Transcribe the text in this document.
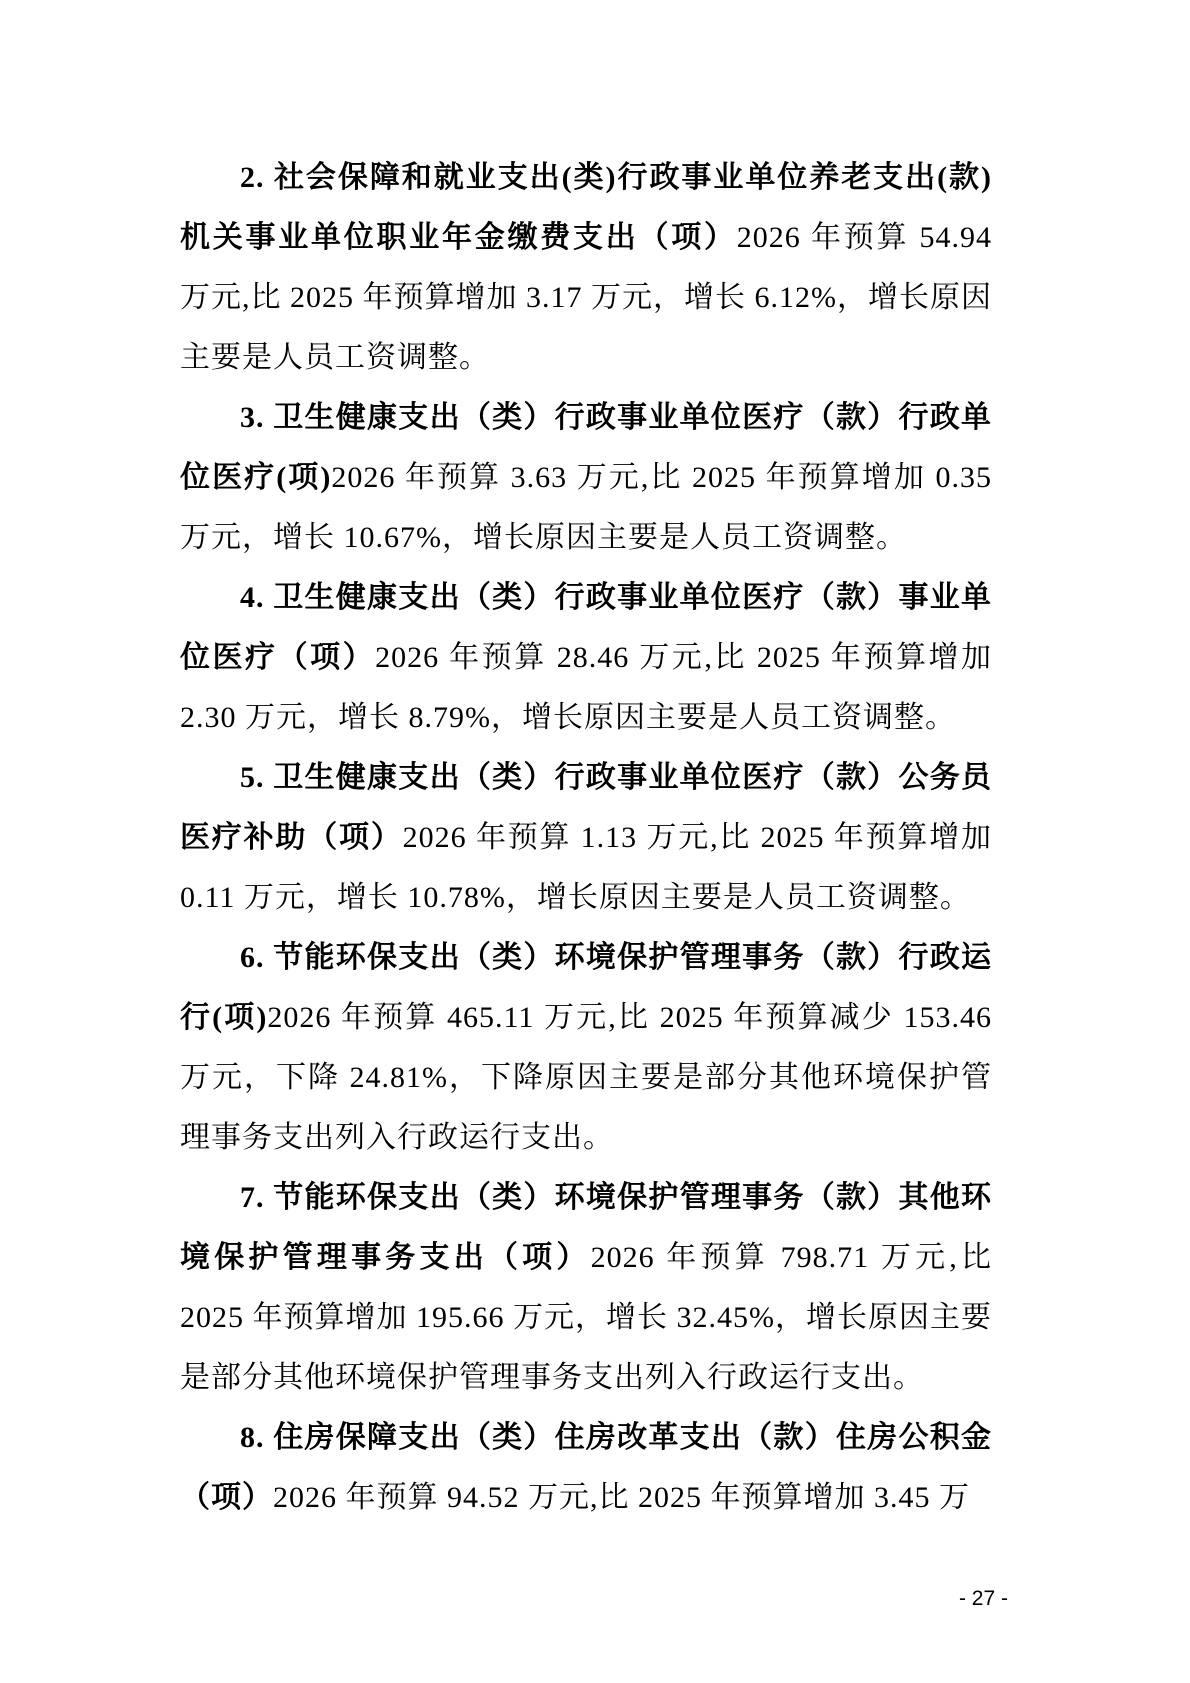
2. 社会保障和就业支出(类)行政事业单位养老支出(款)机关事业单位职业年金缴费支出（项）2026 年预算 54.94 万元,比 2025 年预算增加 3.17 万元，增长 6.12%，增长原因主要是人员工资调整。

3. 卫生健康支出（类）行政事业单位医疗（款）行政单位医疗(项)2026 年预算 3.63 万元,比 2025 年预算增加 0.35 万元，增长 10.67%，增长原因主要是人员工资调整。

4. 卫生健康支出（类）行政事业单位医疗（款）事业单位医疗（项）2026 年预算 28.46 万元,比 2025 年预算增加 2.30 万元，增长 8.79%，增长原因主要是人员工资调整。

5. 卫生健康支出（类）行政事业单位医疗（款）公务员医疗补助（项）2026 年预算 1.13 万元,比 2025 年预算增加 0.11 万元，增长 10.78%，增长原因主要是人员工资调整。

6. 节能环保支出（类）环境保护管理事务（款）行政运行(项)2026 年预算 465.11 万元,比 2025 年预算减少 153.46 万元，下降 24.81%，下降原因主要是部分其他环境保护管理事务支出列入行政运行支出。

7. 节能环保支出（类）环境保护管理事务（款）其他环境保护管理事务支出（项）2026 年预算 798.71 万元,比 2025 年预算增加 195.66 万元，增长 32.45%，增长原因主要是部分其他环境保护管理事务支出列入行政运行支出。

8. 住房保障支出（类）住房改革支出（款）住房公积金（项）2026 年预算 94.52 万元,比 2025 年预算增加 3.45 万

- 27 -
